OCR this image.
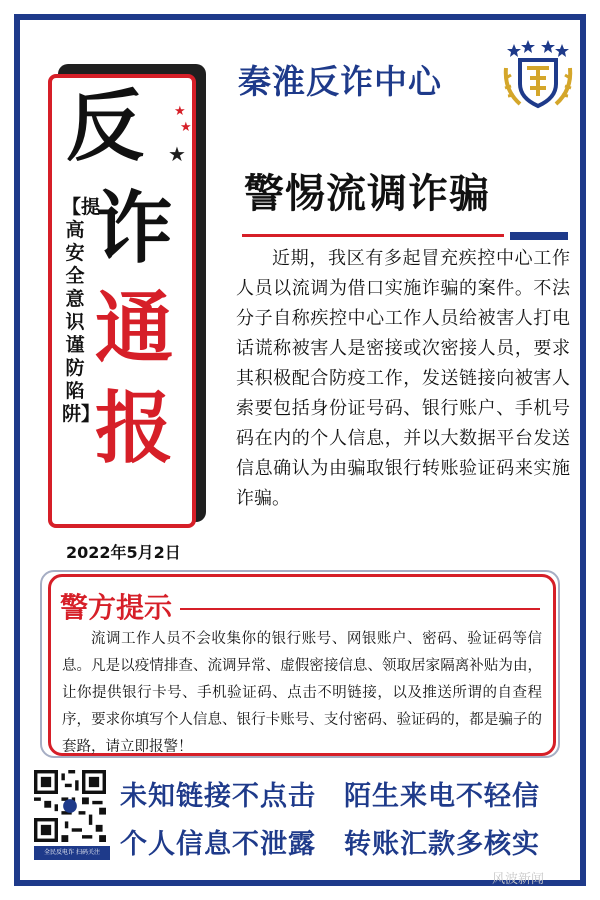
秦淮反诈中心
★
★
★
反
诈
通
报
【提高安全意识 谨防陷阱】
2022年5月2日
警惕流调诈骗

近期，我区有多起冒充疾控中心工作人员以流调为借口实施诈骗的案件。不法分子自称疾控中心工作人员给被害人打电话谎称被害人是密接或次密接人员，要求其积极配合防疫工作，发送链接向被害人索要包括身份证号码、银行账户、手机号码在内的个人信息，并以大数据平台发送信息确认为由骗取银行转账验证码来实施诈骗。

警方提示

流调工作人员不会收集你的银行账号、网银账户、密码、验证码等信息。凡是以疫情排查、流调异常、虚假密接信息、领取居家隔离补贴为由，让你提供银行卡号、手机验证码、点击不明链接，以及推送所谓的自查程序，要求你填写个人信息、银行卡账号、支付密码、验证码的，都是骗子的套路，请立即报警！

全民反电诈 扫码关注
未知链接不点击　陌生来电不轻信
个人信息不泄露　转账汇款多核实
风波新闻
